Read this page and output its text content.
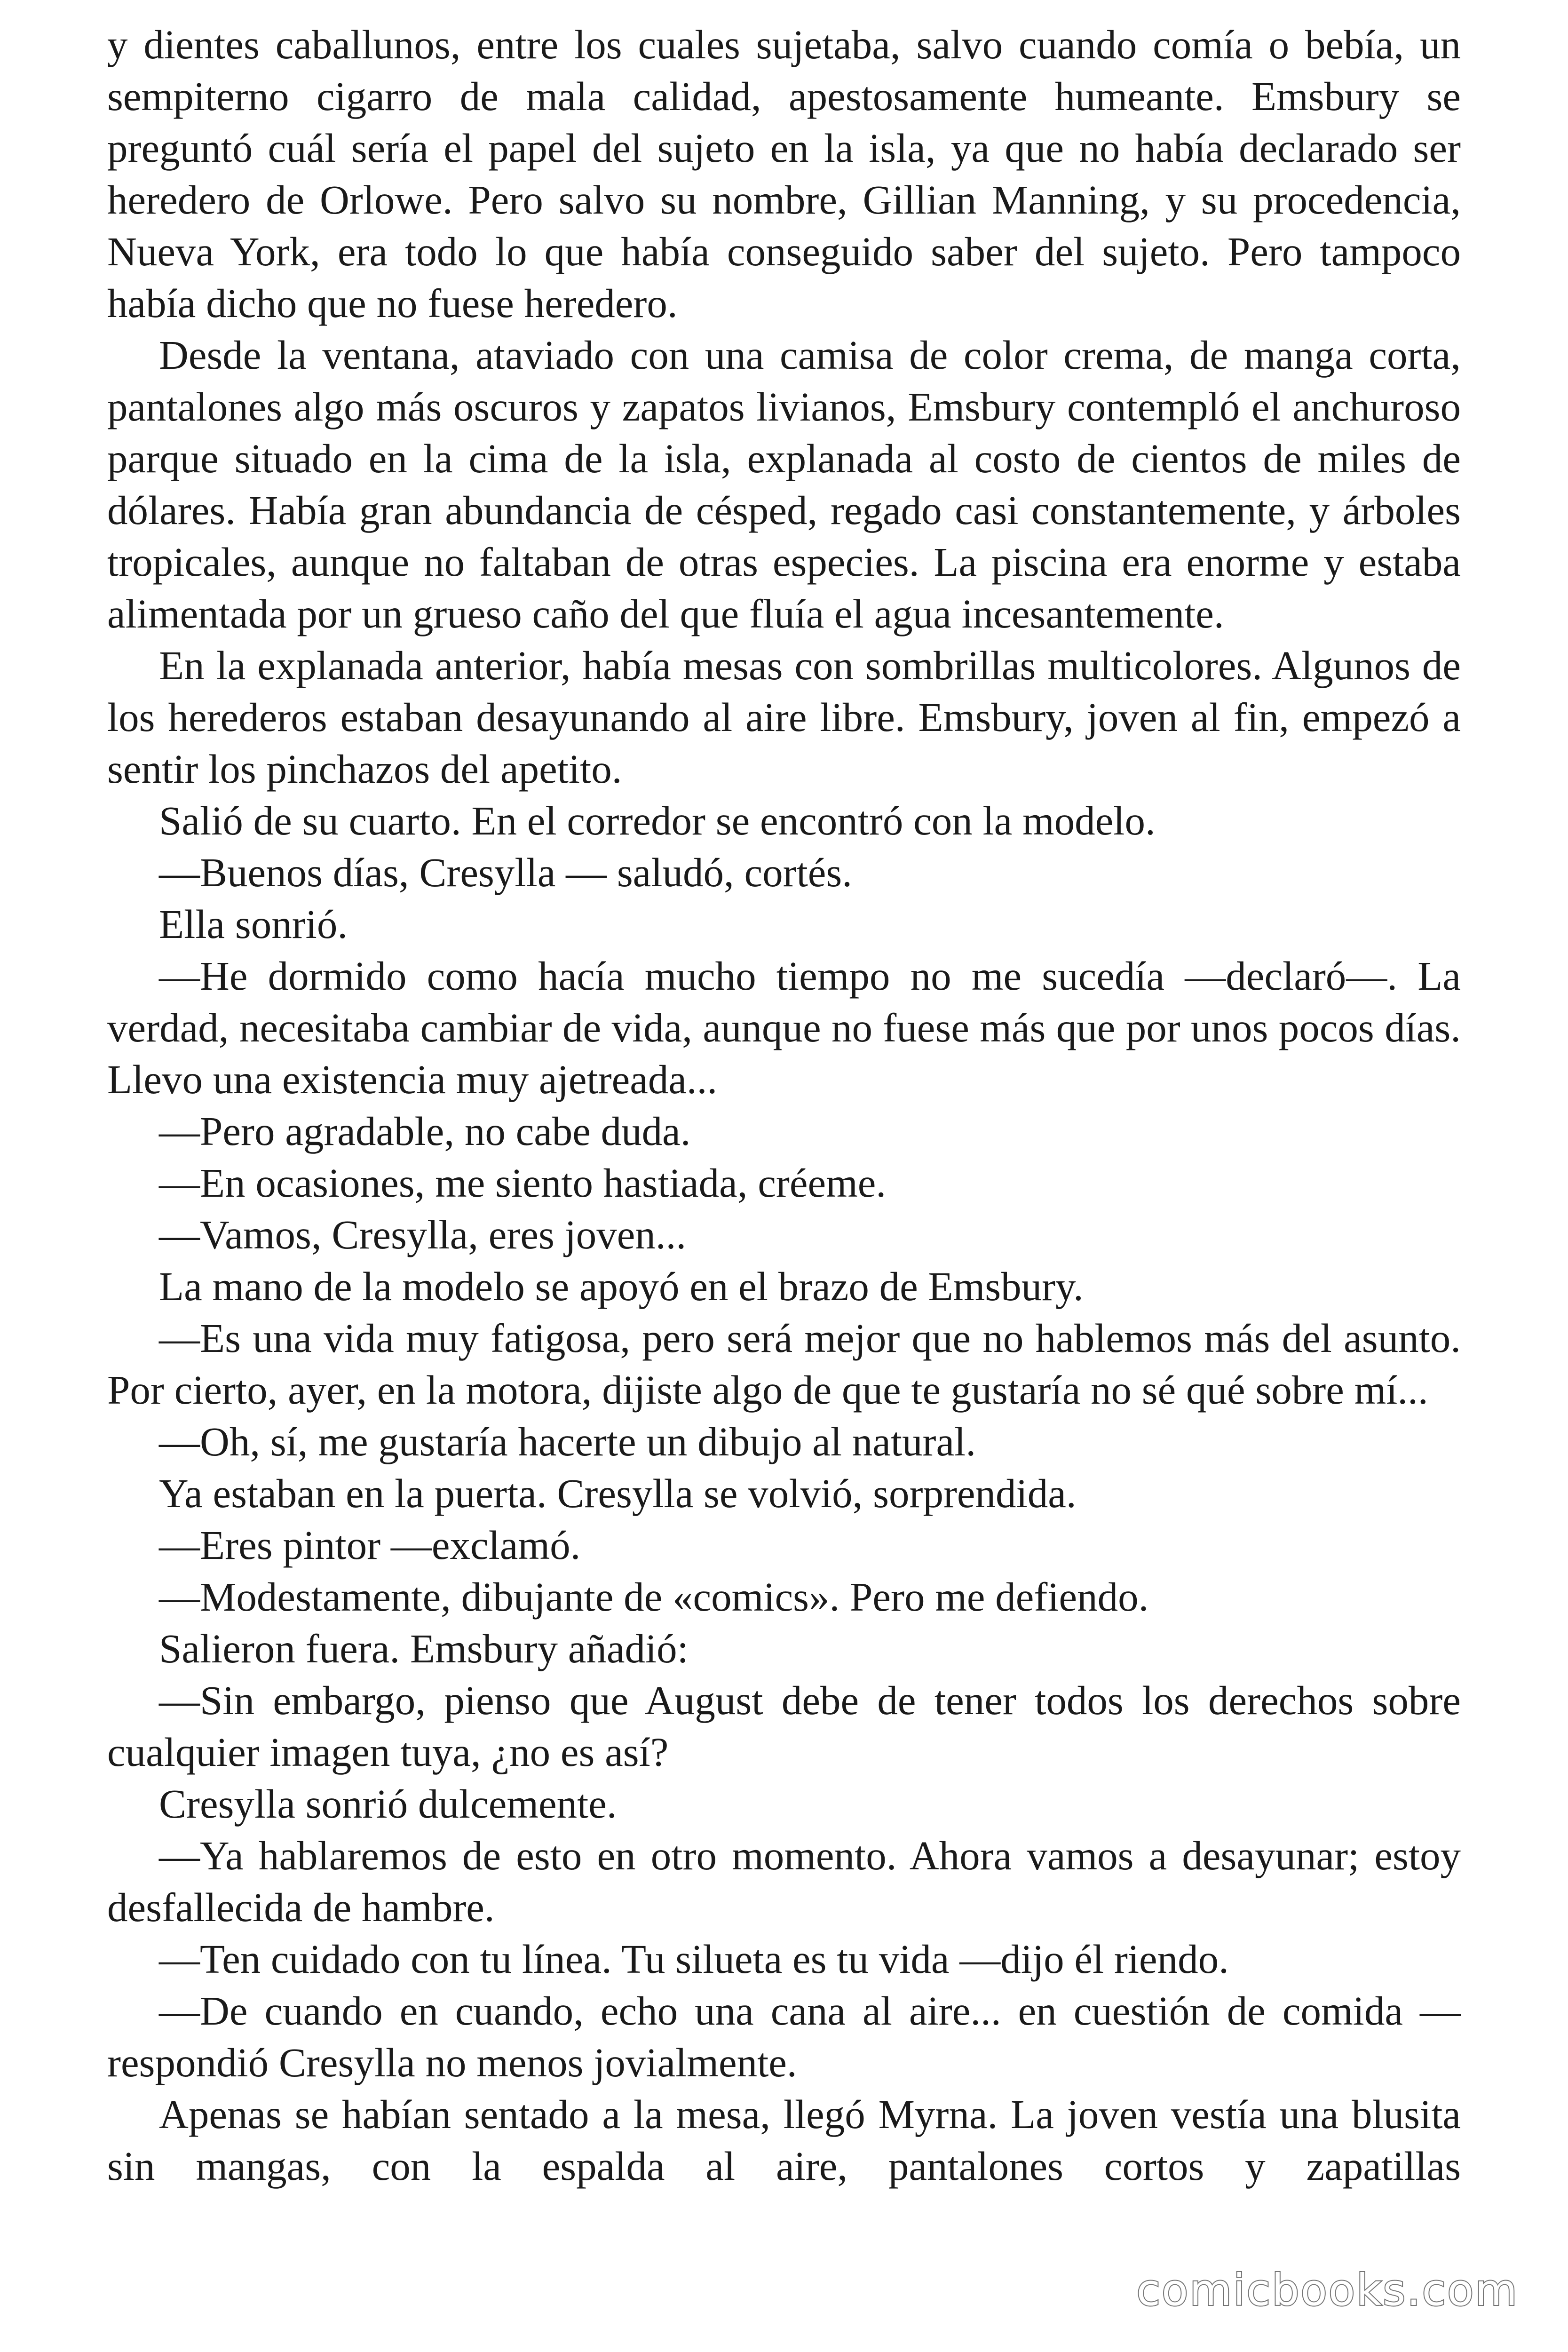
y dientes caballunos, entre los cuales sujetaba, salvo cuando comía o bebía, un sempiterno cigarro de mala calidad, apestosamente humeante. Emsbury se preguntó cuál sería el papel del sujeto en la isla, ya que no había declarado ser heredero de Orlowe. Pero salvo su nombre, Gillian Manning, y su procedencia, Nueva York, era todo lo que había conseguido saber del sujeto. Pero tampoco había dicho que no fuese heredero.

Desde la ventana, ataviado con una camisa de color crema, de manga corta, pantalones algo más oscuros y zapatos livianos, Emsbury contempló el anchuroso parque situado en la cima de la isla, explanada al costo de cientos de miles de dólares. Había gran abundancia de césped, regado casi constantemente, y árboles tropicales, aunque no faltaban de otras especies. La piscina era enorme y estaba alimentada por un grueso caño del que fluía el agua incesantemente.

En la explanada anterior, había mesas con sombrillas multicolores. Algunos de los herederos estaban desayunando al aire libre. Emsbury, joven al fin, empezó a sentir los pinchazos del apetito.

Salió de su cuarto. En el corredor se encontró con la modelo.

—Buenos días, Cresylla — saludó, cortés.

Ella sonrió.

—He dormido como hacía mucho tiempo no me sucedía —declaró—. La verdad, necesitaba cambiar de vida, aunque no fuese más que por unos pocos días. Llevo una existencia muy ajetreada...

—Pero agradable, no cabe duda.

—En ocasiones, me siento hastiada, créeme.

—Vamos, Cresylla, eres joven...

La mano de la modelo se apoyó en el brazo de Emsbury.

—Es una vida muy fatigosa, pero será mejor que no hablemos más del asunto. Por cierto, ayer, en la motora, dijiste algo de que te gustaría no sé qué sobre mí...

—Oh, sí, me gustaría hacerte un dibujo al natural.

Ya estaban en la puerta. Cresylla se volvió, sorprendida.

—Eres pintor —exclamó.

—Modestamente, dibujante de «comics». Pero me defiendo.

Salieron fuera. Emsbury añadió:

—Sin embargo, pienso que August debe de tener todos los derechos sobre cualquier imagen tuya, ¿no es así?

Cresylla sonrió dulcemente.

—Ya hablaremos de esto en otro momento. Ahora vamos a desayunar; estoy desfallecida de hambre.

—Ten cuidado con tu línea. Tu silueta es tu vida —dijo él riendo.

—De cuando en cuando, echo una cana al aire... en cuestión de comida — respondió Cresylla no menos jovialmente.

Apenas se habían sentado a la mesa, llegó Myrna. La joven vestía una blusita sin mangas, con la espalda al aire, pantalones cortos y zapatillas

comicbooks.com
